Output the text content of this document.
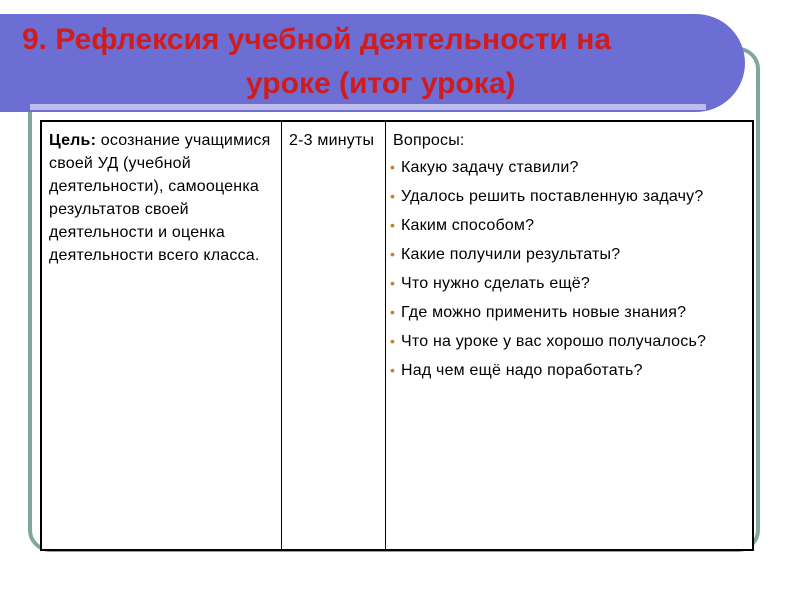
9. Рефлексия учебной деятельности на
уроке (итог урока)
Цель: осознание учащимися своей УД (учебной деятельности), самооценка результатов своей деятельности и оценка деятельности всего класса.
2-3 минуты	Вопросы:
• Какую задачу ставили?
• Удалось решить поставленную задачу?
• Каким способом?
• Какие получили результаты?
• Что нужно сделать ещё?
• Где можно применить новые знания?
• Что на уроке у вас хорошо получалось?
• Над чем ещё надо поработать?
